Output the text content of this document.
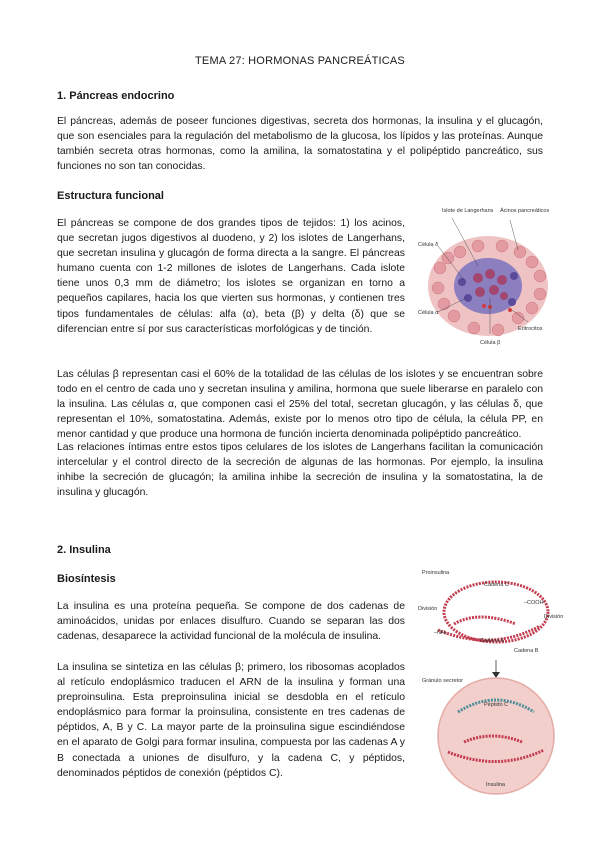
TEMA 27: HORMONAS PANCREÁTICAS
1. Páncreas endocrino

El páncreas, además de poseer funciones digestivas, secreta dos hormonas, la insulina y el glucagón, que son esenciales para la regulación del metabolismo de la glucosa, los lípidos y las proteínas. Aunque también secreta otras hormonas, como la amilina, la somatostatina y el polipéptido pancreático, sus funciones no son tan conocidas.

Estructura funcional

El páncreas se compone de dos grandes tipos de tejidos: 1) los acinos, que secretan jugos digestivos al duodeno, y 2) los islotes de Langerhans, que secretan insulina y glucagón de forma directa a la sangre. El páncreas humano cuenta con 1-2 millones de islotes de Langerhans. Cada islote tiene unos 0,3 mm de diámetro; los islotes se organizan en torno a pequeños capilares, hacia los que vierten sus hormonas, y contienen tres tipos fundamentales de células: alfa (α), beta (β) y delta (δ) que se diferencian entre sí por sus características morfológicas y de tinción.

Islote de Langerhans Ácinos pancreáticos
Célula δ
Célula α
Célula β
Eritrocitos

Las células β representan casi el 60% de la totalidad de las células de los islotes y se encuentran sobre todo en el centro de cada uno y secretan insulina y amilina, hormona que suele liberarse en paralelo con la insulina. Las células α, que componen casi el 25% del total, secretan glucagón, y las células δ, que representan el 10%, somatostatina. Además, existe por lo menos otro tipo de célula, la célula PP, en menor cantidad y que produce una hormona de función incierta denominada polipéptido pancreático.

Las relaciones íntimas entre estos tipos celulares de los islotes de Langerhans facilitan la comunicación intercelular y el control directo de la secreción de algunas de las hormonas. Por ejemplo, la insulina inhibe la secreción de glucagón; la amilina inhibe la secreción de insulina y la somatostatina, la de insulina y glucagón.

2. Insulina
Biosíntesis

La insulina es una proteína pequeña. Se compone de dos cadenas de aminoácidos, unidas por enlaces disulfuro. Cuando se separan las dos cadenas, desaparece la actividad funcional de la molécula de insulina.

La insulina se sintetiza en las células β; primero, los ribosomas acoplados al retículo endoplásmico traducen el ARN de la insulina y forman una preproinsulina. Esta preproinsulina inicial se desdobla en el retículo endoplásmico para formar la proinsulina, consistente en tres cadenas de péptidos, A, B y C. La mayor parte de la proinsulina sigue escindiéndose en el aparato de Golgi para formar insulina, compuesta por las cadenas A y B conectada a uniones de disulfuro, y la cadena C, y péptidos, denominados péptidos de conexión (péptidos C).

Proinsulina
Cadena C
–COOH
División
División
–NH₂
Cadena A
Cadena B
Gránulo secretor
Péptido C
Insulina
